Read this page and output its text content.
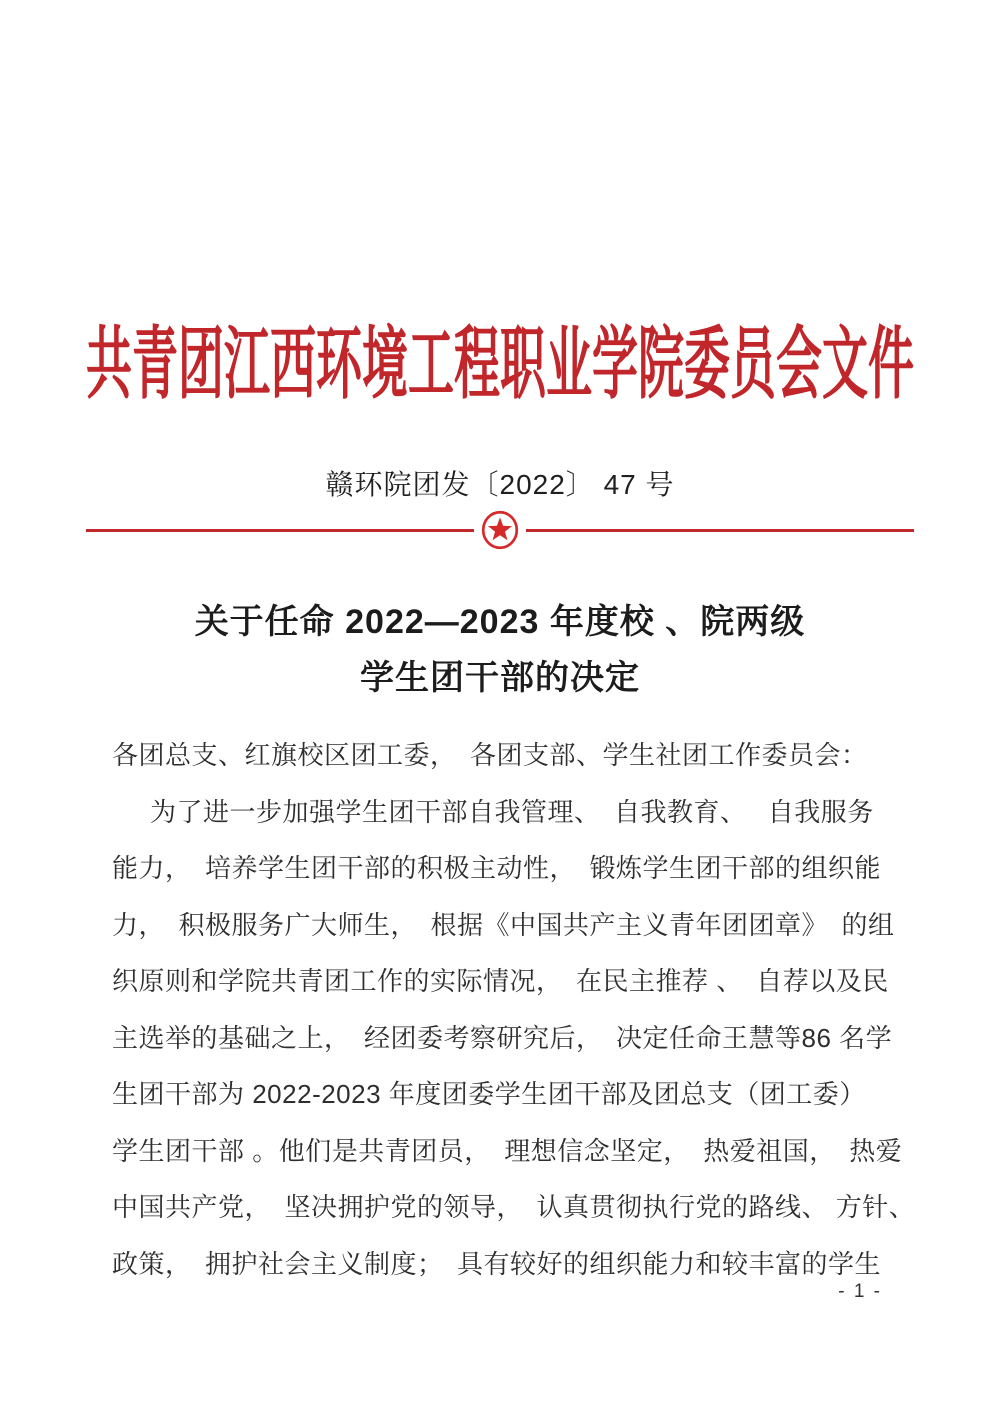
共青团江西环境工程职业学院委员会文件
赣环院团发〔2022〕 47 号
关于任命 2022—2023 年度校 、院两级
学生团干部的决定
各团总支、红旗校区团工委，　各团支部、学生社团工作委员会：
为了进一步加强学生团干部自我管理、　自我教育、　 自我服务
能力，　培养学生团干部的积极主动性，　锻炼学生团干部的组织能
力，　积极服务广大师生，　根据《中国共产主义青年团团章》　的组
织原则和学院共青团工作的实际情况，　在民主推荐 、　自荐以及民
主选举的基础之上，　经团委考察研究后，　决定任命王慧等86 名学
生团干部为 2022-2023 年度团委学生团干部及团总支（团工委）
学生团干部 。他们是共青团员，　理想信念坚定，　热爱祖国，　热爱
中国共产党，　坚决拥护党的领导，　认真贯彻执行党的路线、 方针、
政策，　拥护社会主义制度；　具有较好的组织能力和较丰富的学生
- 1 -
